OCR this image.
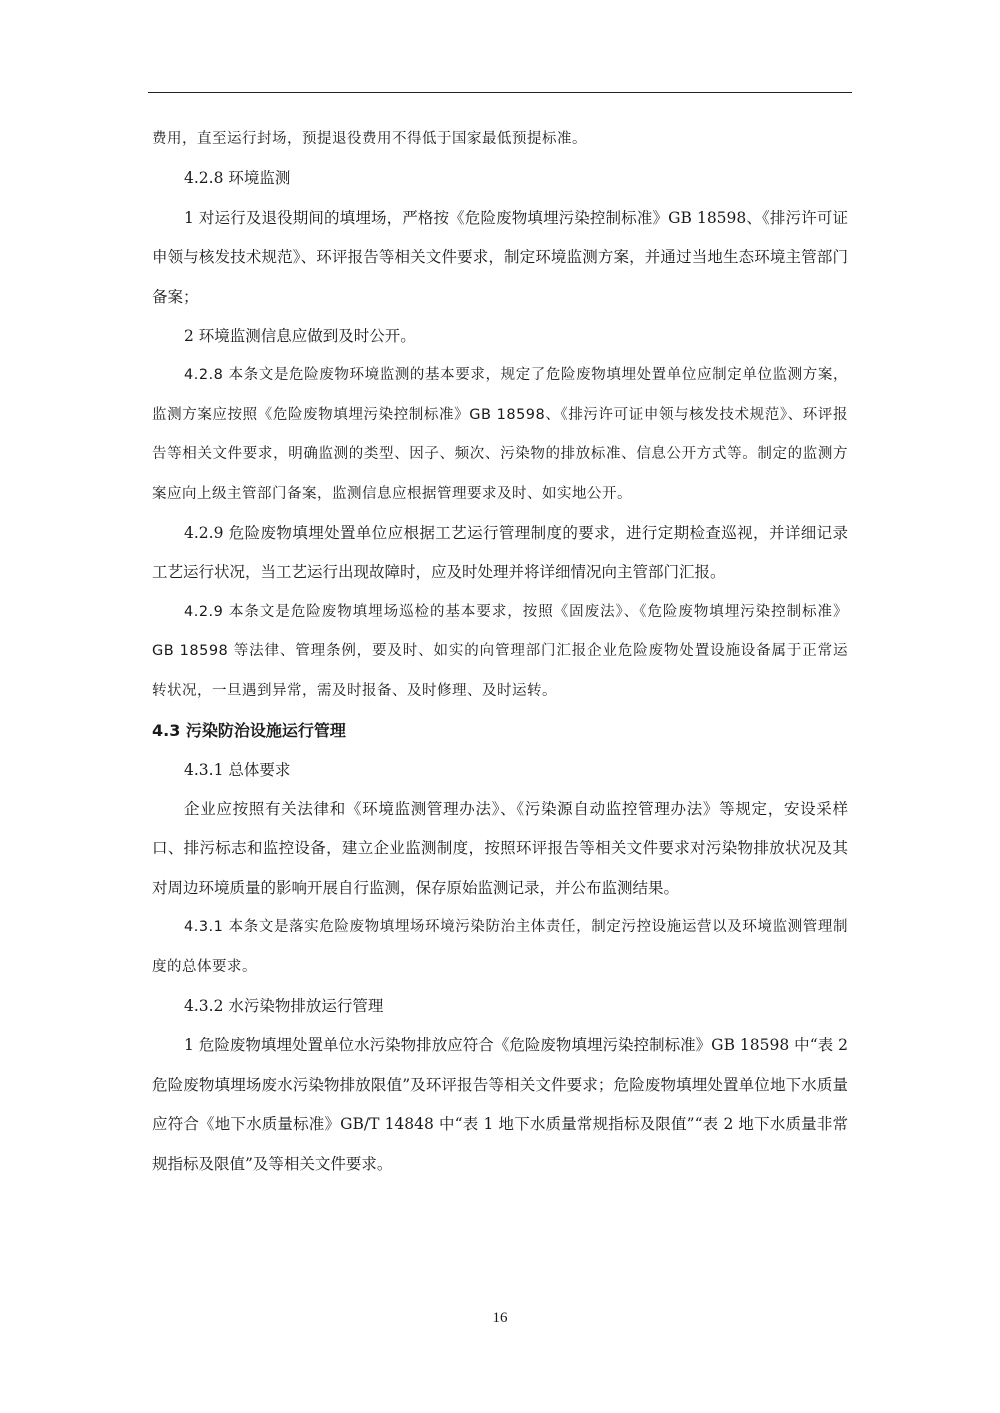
费用，直至运行封场，预提退役费用不得低于国家最低预提标准。

4.2.8 环境监测

1 对运行及退役期间的填埋场，严格按《危险废物填埋污染控制标准》GB 18598、《排污许可证申领与核发技术规范》、环评报告等相关文件要求，制定环境监测方案，并通过当地生态环境主管部门备案；

2 环境监测信息应做到及时公开。

4.2.8 本条文是危险废物环境监测的基本要求，规定了危险废物填埋处置单位应制定单位监测方案，监测方案应按照《危险废物填埋污染控制标准》GB 18598、《排污许可证申领与核发技术规范》、环评报告等相关文件要求，明确监测的类型、因子、频次、污染物的排放标准、信息公开方式等。制定的监测方案应向上级主管部门备案，监测信息应根据管理要求及时、如实地公开。

4.2.9 危险废物填埋处置单位应根据工艺运行管理制度的要求，进行定期检查巡视，并详细记录工艺运行状况，当工艺运行出现故障时，应及时处理并将详细情况向主管部门汇报。

4.2.9 本条文是危险废物填埋场巡检的基本要求，按照《固废法》、《危险废物填埋污染控制标准》GB 18598 等法律、管理条例，要及时、如实的向管理部门汇报企业危险废物处置设施设备属于正常运转状况，一旦遇到异常，需及时报备、及时修理、及时运转。

4.3 污染防治设施运行管理

4.3.1 总体要求

企业应按照有关法律和《环境监测管理办法》、《污染源自动监控管理办法》等规定，安设采样口、排污标志和监控设备，建立企业监测制度，按照环评报告等相关文件要求对污染物排放状况及其对周边环境质量的影响开展自行监测，保存原始监测记录，并公布监测结果。

4.3.1 本条文是落实危险废物填埋场环境污染防治主体责任，制定污控设施运营以及环境监测管理制度的总体要求。

4.3.2 水污染物排放运行管理

1 危险废物填埋处置单位水污染物排放应符合《危险废物填埋污染控制标准》GB 18598 中“表 2 危险废物填埋场废水污染物排放限值”及环评报告等相关文件要求；危险废物填埋处置单位地下水质量应符合《地下水质量标准》GB/T 14848 中“表 1 地下水质量常规指标及限值”“表 2 地下水质量非常规指标及限值”及等相关文件要求。

16
